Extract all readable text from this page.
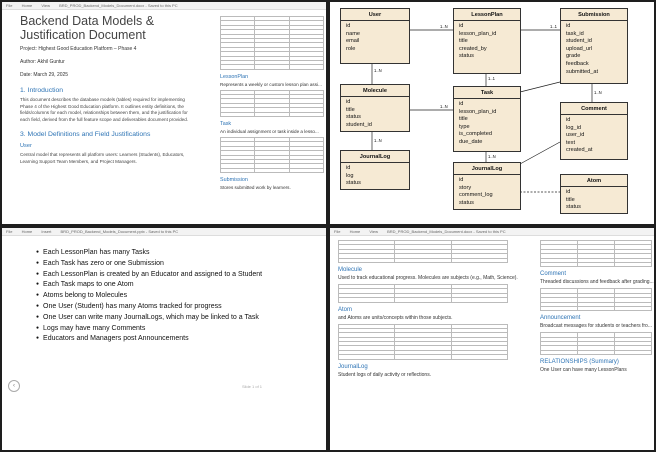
File Home View BRD_PROD_Backend_Models_Document.docx - Saved to this PC
Backend Data Models & Justification Document
Project: Highest Good Education Platform – Phase 4
Author: Akhil Guntur
Date: March 29, 2025
1. Introduction
This document describes the database models (tables) required for implementing Phase 4 of the Highest Good Education platform. It outlines entity definitions, the fields/columns for each model, relationships between them, and the justification for each field, derived from the full feature scope and deliverables document provided.
3. Model Definitions and Field Justifications
User
Central model that represents all platform users: Learners (Students), Educators, Learning Support Team Members, and Project Managers.

LessonPlan
Represents a weekly or custom lesson plan assi...

Task
An individual assignment or task inside a lesso...

Submission
Stores submitted work by learners.
User
id
name
email
role
LessonPlan
id
lesson_plan_id
title
created_by
status
Submission
id
task_id
student_id
upload_url
grade
feedback
submitted_at
Molecule
id
title
status
student_id
Task
id
lesson_plan_id
title
type
is_completed
due_date
Comment
id
log_id
user_id
text
created_at
JournalLog
id
log
status
JournalLog
id
story
comment_log
status
Atom
id
title
status
1..N	1..1
1..N
1..1
1..N
1..N
1..N
1..N
File Home Insert BRD_PROD_Backend_Models_Document.pptx - Saved to this PC
● Each LessonPlan has many Tasks
● Each Task has zero or one Submission
● Each LessonPlan is created by an Educator and assigned to a Student
● Each Task maps to one Atom
● Atoms belong to Molecules
● One User (Student) has many Atoms tracked for progress
● One User can write many JournalLogs, which may be linked to a Task
● Logs may have many Comments
● Educators and Managers post Announcements
‹	Slide 1 of 1
File Home View BRD_PROD_Backend_Models_Document.docx - Saved to this PC

Molecule
Used to track educational progress. Molecules are subjects (e.g., Math, Science).

Atom
and Atoms are units/concepts within those subjects.

JournalLog
Student logs of daily activity or reflections.

Comment
Threaded discussions and feedback after grading...

Announcement
Broadcast messages for students or teachers fro...

RELATIONSHIPS (Summary)
One User can have many LessonPlans
